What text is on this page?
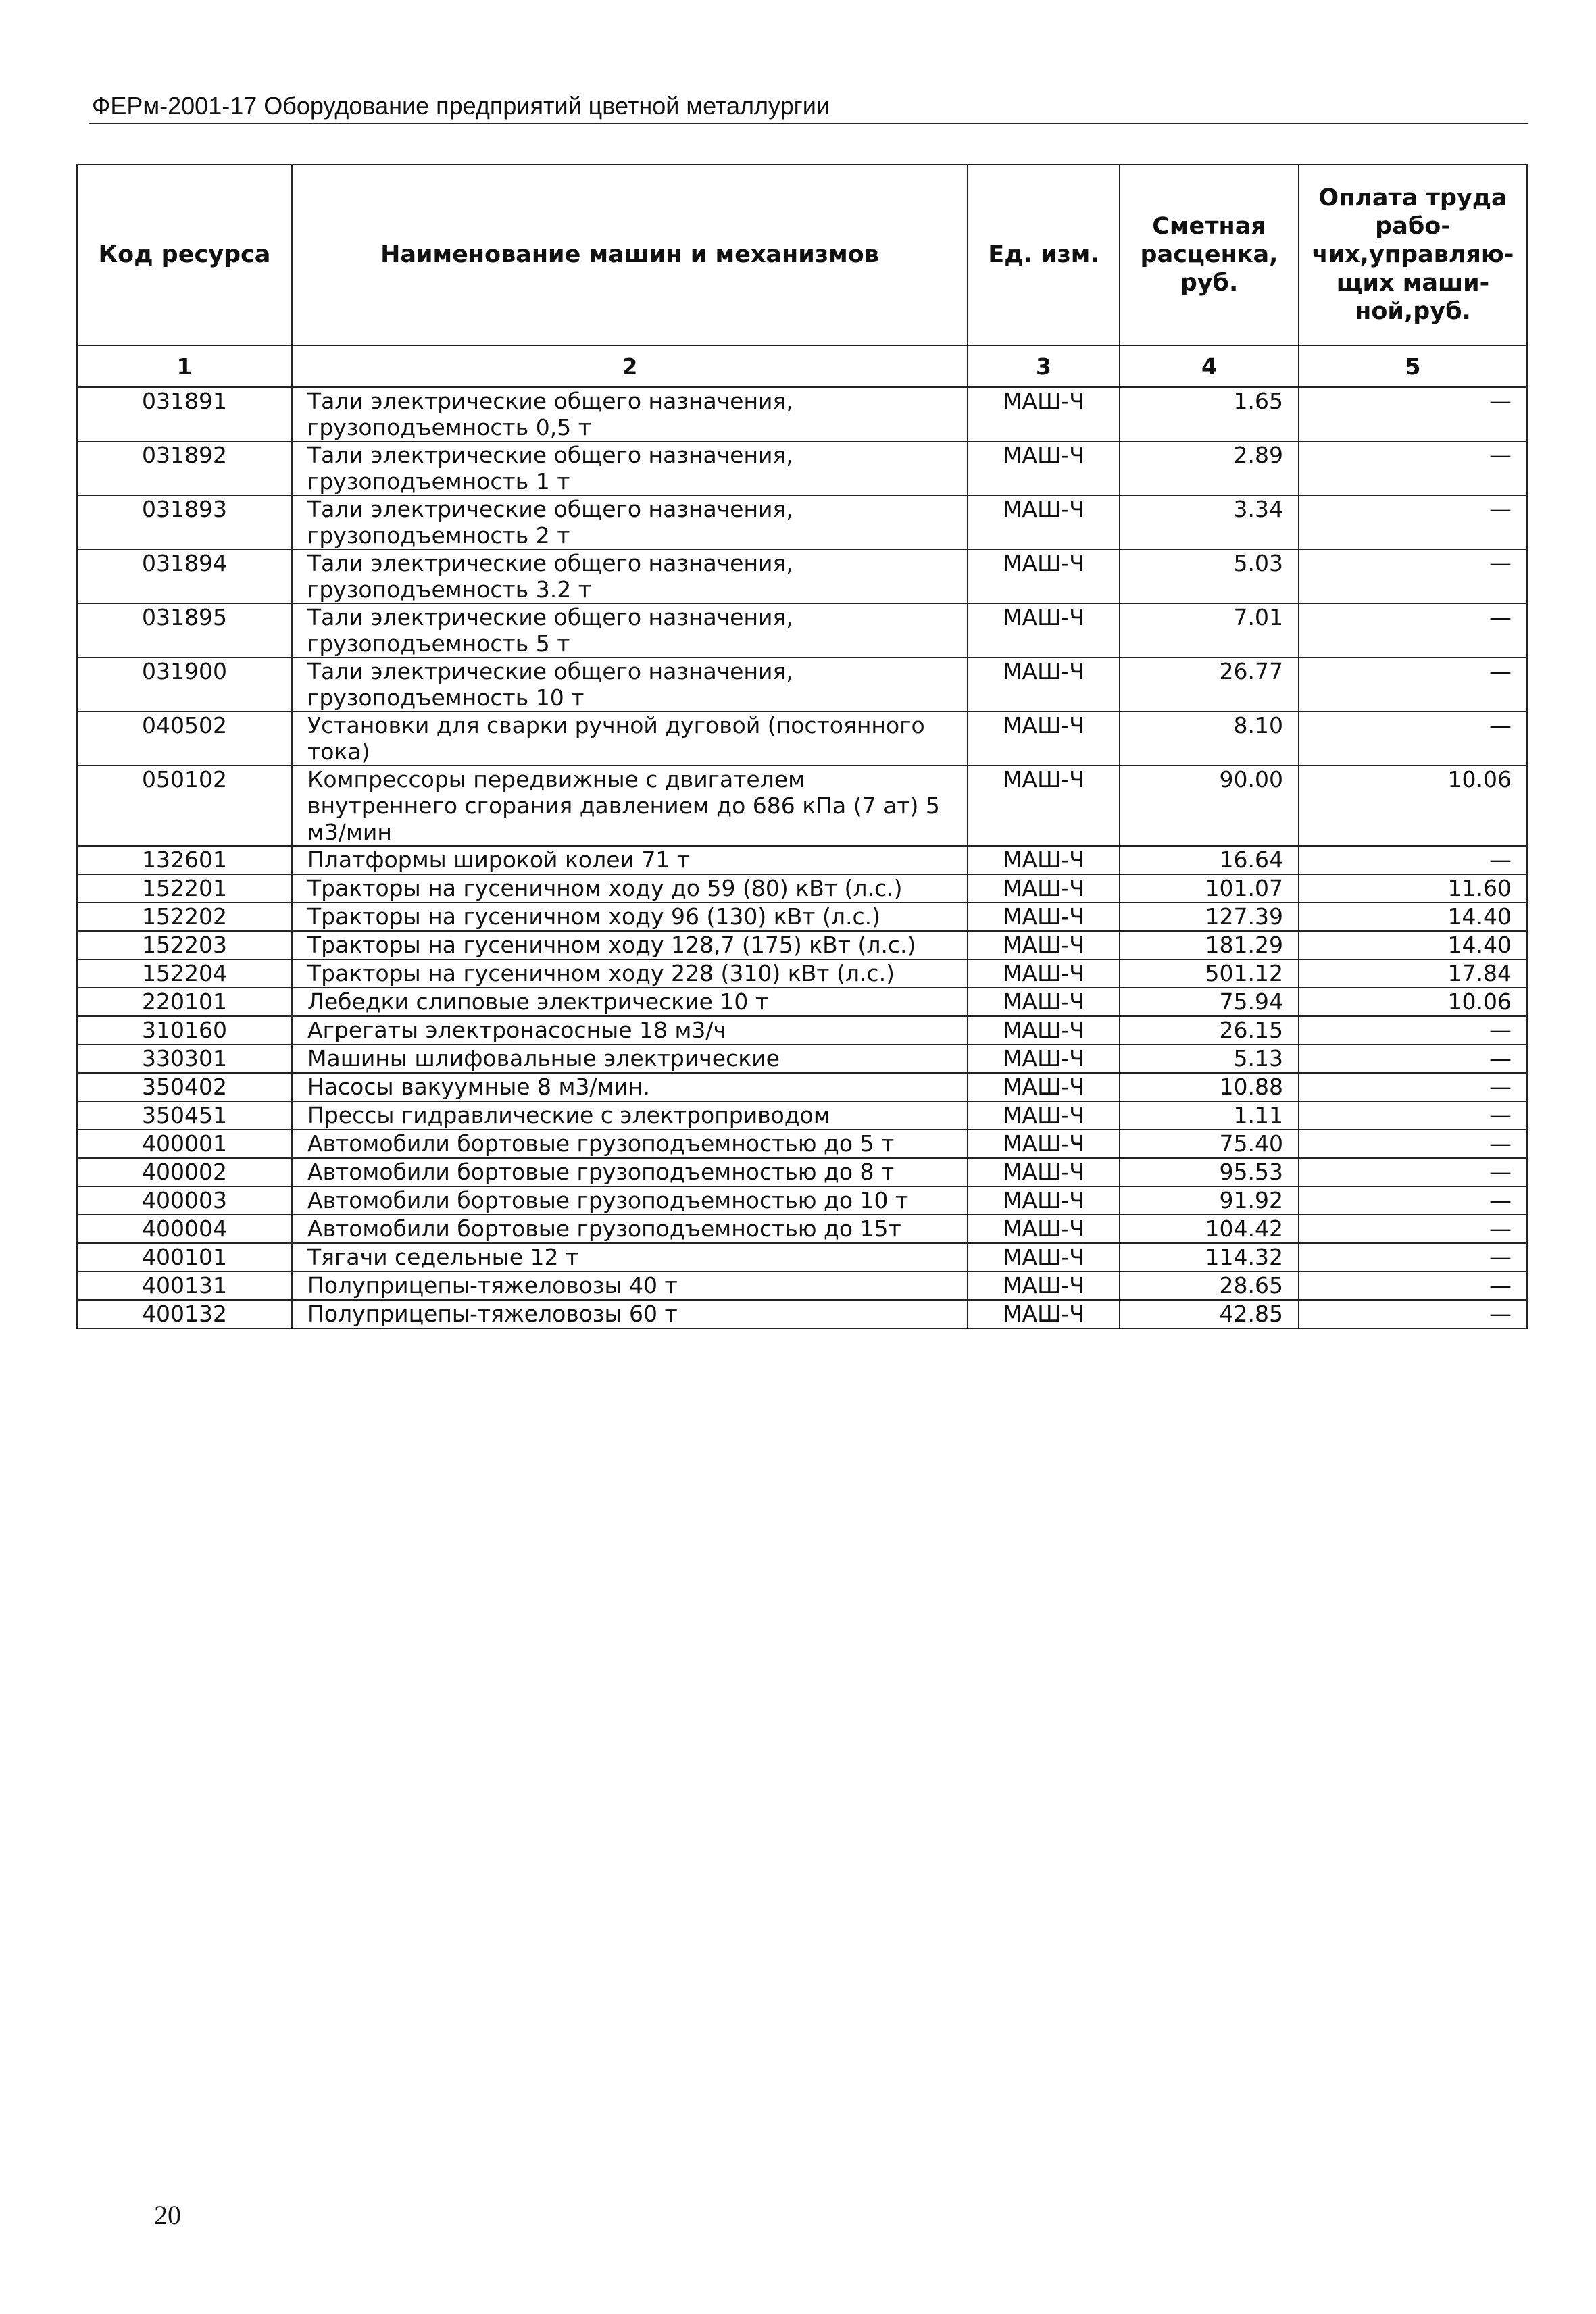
ФЕРм-2001-17 Оборудование предприятий цветной металлургии
Код ресурса	Наименование машин и механизмов	Ед. изм.	Сметная расценка, руб.	Оплата труда рабо-чих,управляю-щих маши-ной,руб.
1	2	3	4	5
031891	Тали электрические общего назначения, грузоподъемность 0,5 т	МАШ-Ч	1.65	—
031892	Тали электрические общего назначения, грузоподъемность 1 т	МАШ-Ч	2.89	—
031893	Тали электрические общего назначения, грузоподъемность 2 т	МАШ-Ч	3.34	—
031894	Тали электрические общего назначения, грузоподъемность 3.2 т	МАШ-Ч	5.03	—
031895	Тали электрические общего назначения, грузоподъемность 5 т	МАШ-Ч	7.01	—
031900	Тали электрические общего назначения, грузоподъемность 10 т	МАШ-Ч	26.77	—
040502	Установки для сварки ручной дуговой (постоянного тока)	МАШ-Ч	8.10	—
050102	Компрессоры передвижные с двигателем внутреннего сгорания давлением до 686 кПа (7 ат) 5 м3/мин	МАШ-Ч	90.00	10.06
132601	Платформы широкой колеи 71 т	МАШ-Ч	16.64	—
152201	Тракторы на гусеничном ходу до 59 (80) кВт (л.с.)	МАШ-Ч	101.07	11.60
152202	Тракторы на гусеничном ходу 96 (130) кВт (л.с.)	МАШ-Ч	127.39	14.40
152203	Тракторы на гусеничном ходу 128,7 (175) кВт (л.с.)	МАШ-Ч	181.29	14.40
152204	Тракторы на гусеничном ходу 228 (310) кВт (л.с.)	МАШ-Ч	501.12	17.84
220101	Лебедки слиповые электрические 10 т	МАШ-Ч	75.94	10.06
310160	Агрегаты электронасосные 18 м3/ч	МАШ-Ч	26.15	—
330301	Машины шлифовальные электрические	МАШ-Ч	5.13	—
350402	Насосы вакуумные 8 м3/мин.	МАШ-Ч	10.88	—
350451	Прессы гидравлические с электроприводом	МАШ-Ч	1.11	—
400001	Автомобили бортовые грузоподъемностью до 5 т	МАШ-Ч	75.40	—
400002	Автомобили бортовые грузоподъемностью до 8 т	МАШ-Ч	95.53	—
400003	Автомобили бортовые грузоподъемностью до 10 т	МАШ-Ч	91.92	—
400004	Автомобили бортовые грузоподъемностью до 15т	МАШ-Ч	104.42	—
400101	Тягачи седельные 12 т	МАШ-Ч	114.32	—
400131	Полуприцепы-тяжеловозы 40 т	МАШ-Ч	28.65	—
400132	Полуприцепы-тяжеловозы 60 т	МАШ-Ч	42.85	—
20
